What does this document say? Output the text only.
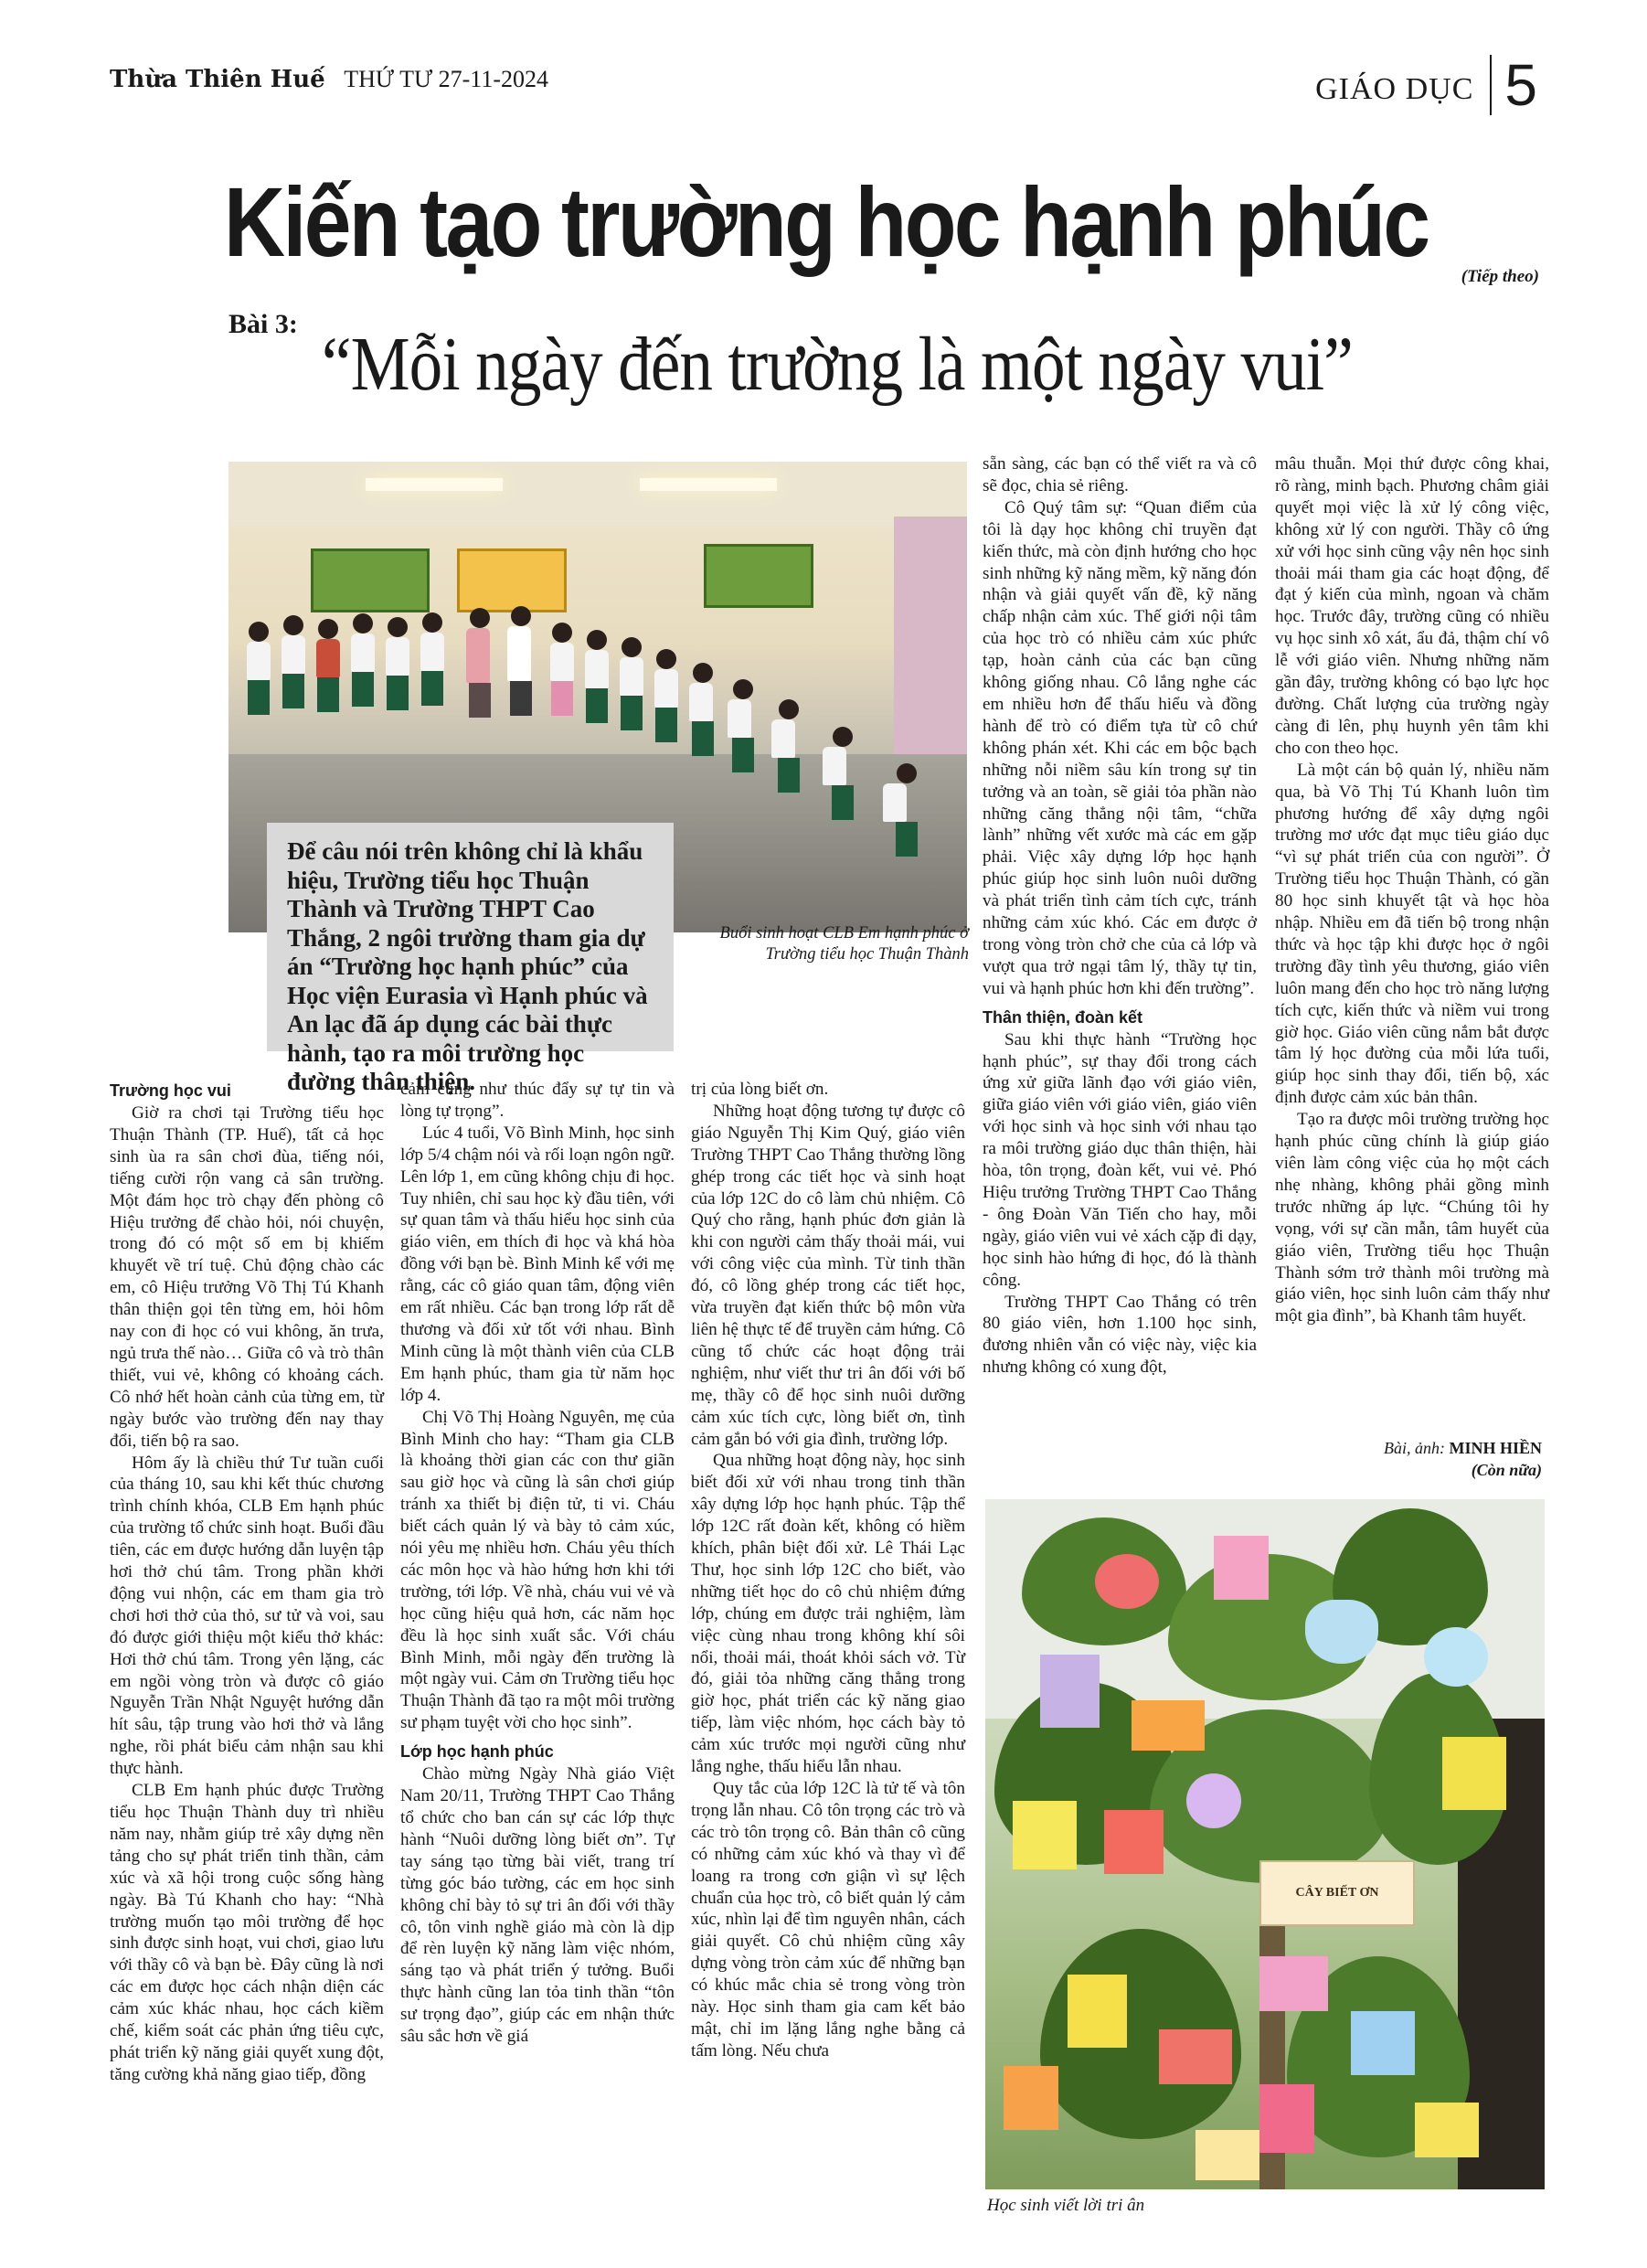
Thừa Thiên Huế THỨ TƯ 27-11-2024	GIÁO DỤC 5
Kiến tạo trường học hạnh phúc (Tiếp theo)
Bài 3: “Mỗi ngày đến trường là một ngày vui”
Để câu nói trên không chỉ là khẩu hiệu, Trường tiểu học Thuận Thành và Trường THPT Cao Thắng, 2 ngôi trường tham gia dự án “Trường học hạnh phúc” của Học viện Eurasia vì Hạnh phúc và An lạc đã áp dụng các bài thực hành, tạo ra môi trường học đường thân thiện.
Buổi sinh hoạt CLB Em hạnh phúc ở Trường tiểu học Thuận Thành
Trường học vui

Giờ ra chơi tại Trường tiểu học Thuận Thành (TP. Huế), tất cả học sinh ùa ra sân chơi đùa, tiếng nói, tiếng cười rộn vang cả sân trường. Một đám học trò chạy đến phòng cô Hiệu trưởng để chào hỏi, nói chuyện, trong đó có một số em bị khiếm khuyết về trí tuệ. Chủ động chào các em, cô Hiệu trưởng Võ Thị Tú Khanh thân thiện gọi tên từng em, hỏi hôm nay con đi học có vui không, ăn trưa, ngủ trưa thế nào… Giữa cô và trò thân thiết, vui vẻ, không có khoảng cách. Cô nhớ hết hoàn cảnh của từng em, từ ngày bước vào trường đến nay thay đổi, tiến bộ ra sao.

Hôm ấy là chiều thứ Tư tuần cuối của tháng 10, sau khi kết thúc chương trình chính khóa, CLB Em hạnh phúc của trường tổ chức sinh hoạt. Buổi đầu tiên, các em được hướng dẫn luyện tập hơi thở chú tâm. Trong phần khởi động vui nhộn, các em tham gia trò chơi hơi thở của thỏ, sư tử và voi, sau đó được giới thiệu một kiểu thở khác: Hơi thở chú tâm. Trong yên lặng, các em ngồi vòng tròn và được cô giáo Nguyễn Trần Nhật Nguyệt hướng dẫn hít sâu, tập trung vào hơi thở và lắng nghe, rồi phát biểu cảm nhận sau khi thực hành.

CLB Em hạnh phúc được Trường tiểu học Thuận Thành duy trì nhiều năm nay, nhằm giúp trẻ xây dựng nền tảng cho sự phát triển tinh thần, cảm xúc và xã hội trong cuộc sống hàng ngày. Bà Tú Khanh cho hay: “Nhà trường muốn tạo môi trường để học sinh được sinh hoạt, vui chơi, giao lưu với thầy cô và bạn bè. Đây cũng là nơi các em được học cách nhận diện các cảm xúc khác nhau, học cách kiềm chế, kiểm soát các phản ứng tiêu cực, phát triển kỹ năng giải quyết xung đột, tăng cường khả năng giao tiếp, đồng

cảm cũng như thúc đẩy sự tự tin và lòng tự trọng”.

Lúc 4 tuổi, Võ Bình Minh, học sinh lớp 5/4 chậm nói và rối loạn ngôn ngữ. Lên lớp 1, em cũng không chịu đi học. Tuy nhiên, chỉ sau học kỳ đầu tiên, với sự quan tâm và thấu hiểu học sinh của giáo viên, em thích đi học và khá hòa đồng với bạn bè. Bình Minh kể với mẹ rằng, các cô giáo quan tâm, động viên em rất nhiều. Các bạn trong lớp rất dễ thương và đối xử tốt với nhau. Bình Minh cũng là một thành viên của CLB Em hạnh phúc, tham gia từ năm học lớp 4.

Chị Võ Thị Hoàng Nguyên, mẹ của Bình Minh cho hay: “Tham gia CLB là khoảng thời gian các con thư giãn sau giờ học và cũng là sân chơi giúp tránh xa thiết bị điện tử, ti vi. Cháu biết cách quản lý và bày tỏ cảm xúc, nói yêu mẹ nhiều hơn. Cháu yêu thích các môn học và hào hứng hơn khi tới trường, tới lớp. Về nhà, cháu vui vẻ và học cũng hiệu quả hơn, các năm học đều là học sinh xuất sắc. Với cháu Bình Minh, mỗi ngày đến trường là một ngày vui. Cảm ơn Trường tiểu học Thuận Thành đã tạo ra một môi trường sư phạm tuyệt vời cho học sinh”.

Lớp học hạnh phúc

Chào mừng Ngày Nhà giáo Việt Nam 20/11, Trường THPT Cao Thắng tổ chức cho ban cán sự các lớp thực hành “Nuôi dưỡng lòng biết ơn”. Tự tay sáng tạo từng bài viết, trang trí từng góc báo tường, các em học sinh không chỉ bày tỏ sự tri ân đối với thầy cô, tôn vinh nghề giáo mà còn là dịp để rèn luyện kỹ năng làm việc nhóm, sáng tạo và phát triển ý tưởng. Buổi thực hành cũng lan tỏa tinh thần “tôn sư trọng đạo”, giúp các em nhận thức sâu sắc hơn về giá

trị của lòng biết ơn.

Những hoạt động tương tự được cô giáo Nguyễn Thị Kim Quý, giáo viên Trường THPT Cao Thắng thường lồng ghép trong các tiết học và sinh hoạt của lớp 12C do cô làm chủ nhiệm. Cô Quý cho rằng, hạnh phúc đơn giản là khi con người cảm thấy thoải mái, vui với công việc của mình. Từ tinh thần đó, cô lồng ghép trong các tiết học, vừa truyền đạt kiến thức bộ môn vừa liên hệ thực tế để truyền cảm hứng. Cô cũng tổ chức các hoạt động trải nghiệm, như viết thư tri ân đối với bố mẹ, thầy cô để học sinh nuôi dưỡng cảm xúc tích cực, lòng biết ơn, tình cảm gắn bó với gia đình, trường lớp.

Qua những hoạt động này, học sinh biết đối xử với nhau trong tinh thần xây dựng lớp học hạnh phúc. Tập thể lớp 12C rất đoàn kết, không có hiềm khích, phân biệt đối xử. Lê Thái Lạc Thư, học sinh lớp 12C cho biết, vào những tiết học do cô chủ nhiệm đứng lớp, chúng em được trải nghiệm, làm việc cùng nhau trong không khí sôi nổi, thoải mái, thoát khỏi sách vở. Từ đó, giải tỏa những căng thẳng trong giờ học, phát triển các kỹ năng giao tiếp, làm việc nhóm, học cách bày tỏ cảm xúc trước mọi người cũng như lắng nghe, thấu hiểu lẫn nhau.

Quy tắc của lớp 12C là tử tế và tôn trọng lẫn nhau. Cô tôn trọng các trò và các trò tôn trọng cô. Bản thân cô cũng có những cảm xúc khó và thay vì để loang ra trong cơn giận vì sự lệch chuẩn của học trò, cô biết quản lý cảm xúc, nhìn lại để tìm nguyên nhân, cách giải quyết. Cô chủ nhiệm cũng xây dựng vòng tròn cảm xúc để những bạn có khúc mắc chia sẻ trong vòng tròn này. Học sinh tham gia cam kết bảo mật, chỉ im lặng lắng nghe bằng cả tấm lòng. Nếu chưa

sẵn sàng, các bạn có thể viết ra và cô sẽ đọc, chia sẻ riêng.

Cô Quý tâm sự: “Quan điểm của tôi là dạy học không chỉ truyền đạt kiến thức, mà còn định hướng cho học sinh những kỹ năng mềm, kỹ năng đón nhận và giải quyết vấn đề, kỹ năng chấp nhận cảm xúc. Thế giới nội tâm của học trò có nhiều cảm xúc phức tạp, hoàn cảnh của các bạn cũng không giống nhau. Cô lắng nghe các em nhiều hơn để thấu hiểu và đồng hành để trò có điểm tựa từ cô chứ không phán xét. Khi các em bộc bạch những nỗi niềm sâu kín trong sự tin tưởng và an toàn, sẽ giải tỏa phần nào những căng thẳng nội tâm, “chữa lành” những vết xước mà các em gặp phải. Việc xây dựng lớp học hạnh phúc giúp học sinh luôn nuôi dưỡng và phát triển tình cảm tích cực, tránh những cảm xúc khó. Các em được ở trong vòng tròn chở che của cả lớp và vượt qua trở ngại tâm lý, thầy tự tin, vui và hạnh phúc hơn khi đến trường”.

Thân thiện, đoàn kết

Sau khi thực hành “Trường học hạnh phúc”, sự thay đổi trong cách ứng xử giữa lãnh đạo với giáo viên, giữa giáo viên với giáo viên, giáo viên với học sinh và học sinh với nhau tạo ra môi trường giáo dục thân thiện, hài hòa, tôn trọng, đoàn kết, vui vẻ. Phó Hiệu trưởng Trường THPT Cao Thắng - ông Đoàn Văn Tiến cho hay, mỗi ngày, giáo viên vui vẻ xách cặp đi dạy, học sinh hào hứng đi học, đó là thành công.

Trường THPT Cao Thắng có trên 80 giáo viên, hơn 1.100 học sinh, đương nhiên vẫn có việc này, việc kia nhưng không có xung đột,

mâu thuẫn. Mọi thứ được công khai, rõ ràng, minh bạch. Phương châm giải quyết mọi việc là xử lý công việc, không xử lý con người. Thầy cô ứng xử với học sinh cũng vậy nên học sinh thoải mái tham gia các hoạt động, để đạt ý kiến của mình, ngoan và chăm học. Trước đây, trường cũng có nhiều vụ học sinh xô xát, ẩu đả, thậm chí vô lễ với giáo viên. Nhưng những năm gần đây, trường không có bạo lực học đường. Chất lượng của trường ngày càng đi lên, phụ huynh yên tâm khi cho con theo học.

Là một cán bộ quản lý, nhiều năm qua, bà Võ Thị Tú Khanh luôn tìm phương hướng để xây dựng ngôi trường mơ ước đạt mục tiêu giáo dục “vì sự phát triển của con người”. Ở Trường tiểu học Thuận Thành, có gần 80 học sinh khuyết tật và học hòa nhập. Nhiều em đã tiến bộ trong nhận thức và học tập khi được học ở ngôi trường đầy tình yêu thương, giáo viên luôn mang đến cho học trò năng lượng tích cực, kiến thức và niềm vui trong giờ học. Giáo viên cũng nắm bắt được tâm lý học đường của mỗi lứa tuổi, giúp học sinh thay đổi, tiến bộ, xác định được cảm xúc bản thân.

Tạo ra được môi trường trường học hạnh phúc cũng chính là giúp giáo viên làm công việc của họ một cách nhẹ nhàng, không phải gồng mình trước những áp lực. “Chúng tôi hy vọng, với sự cần mẫn, tâm huyết của giáo viên, Trường tiểu học Thuận Thành sớm trở thành môi trường mà giáo viên, học sinh luôn cảm thấy như một gia đình”, bà Khanh tâm huyết.

Bài, ảnh: MINH HIỀN
(Còn nữa)
CÂY BIẾT ƠN
Học sinh viết lời tri ân
